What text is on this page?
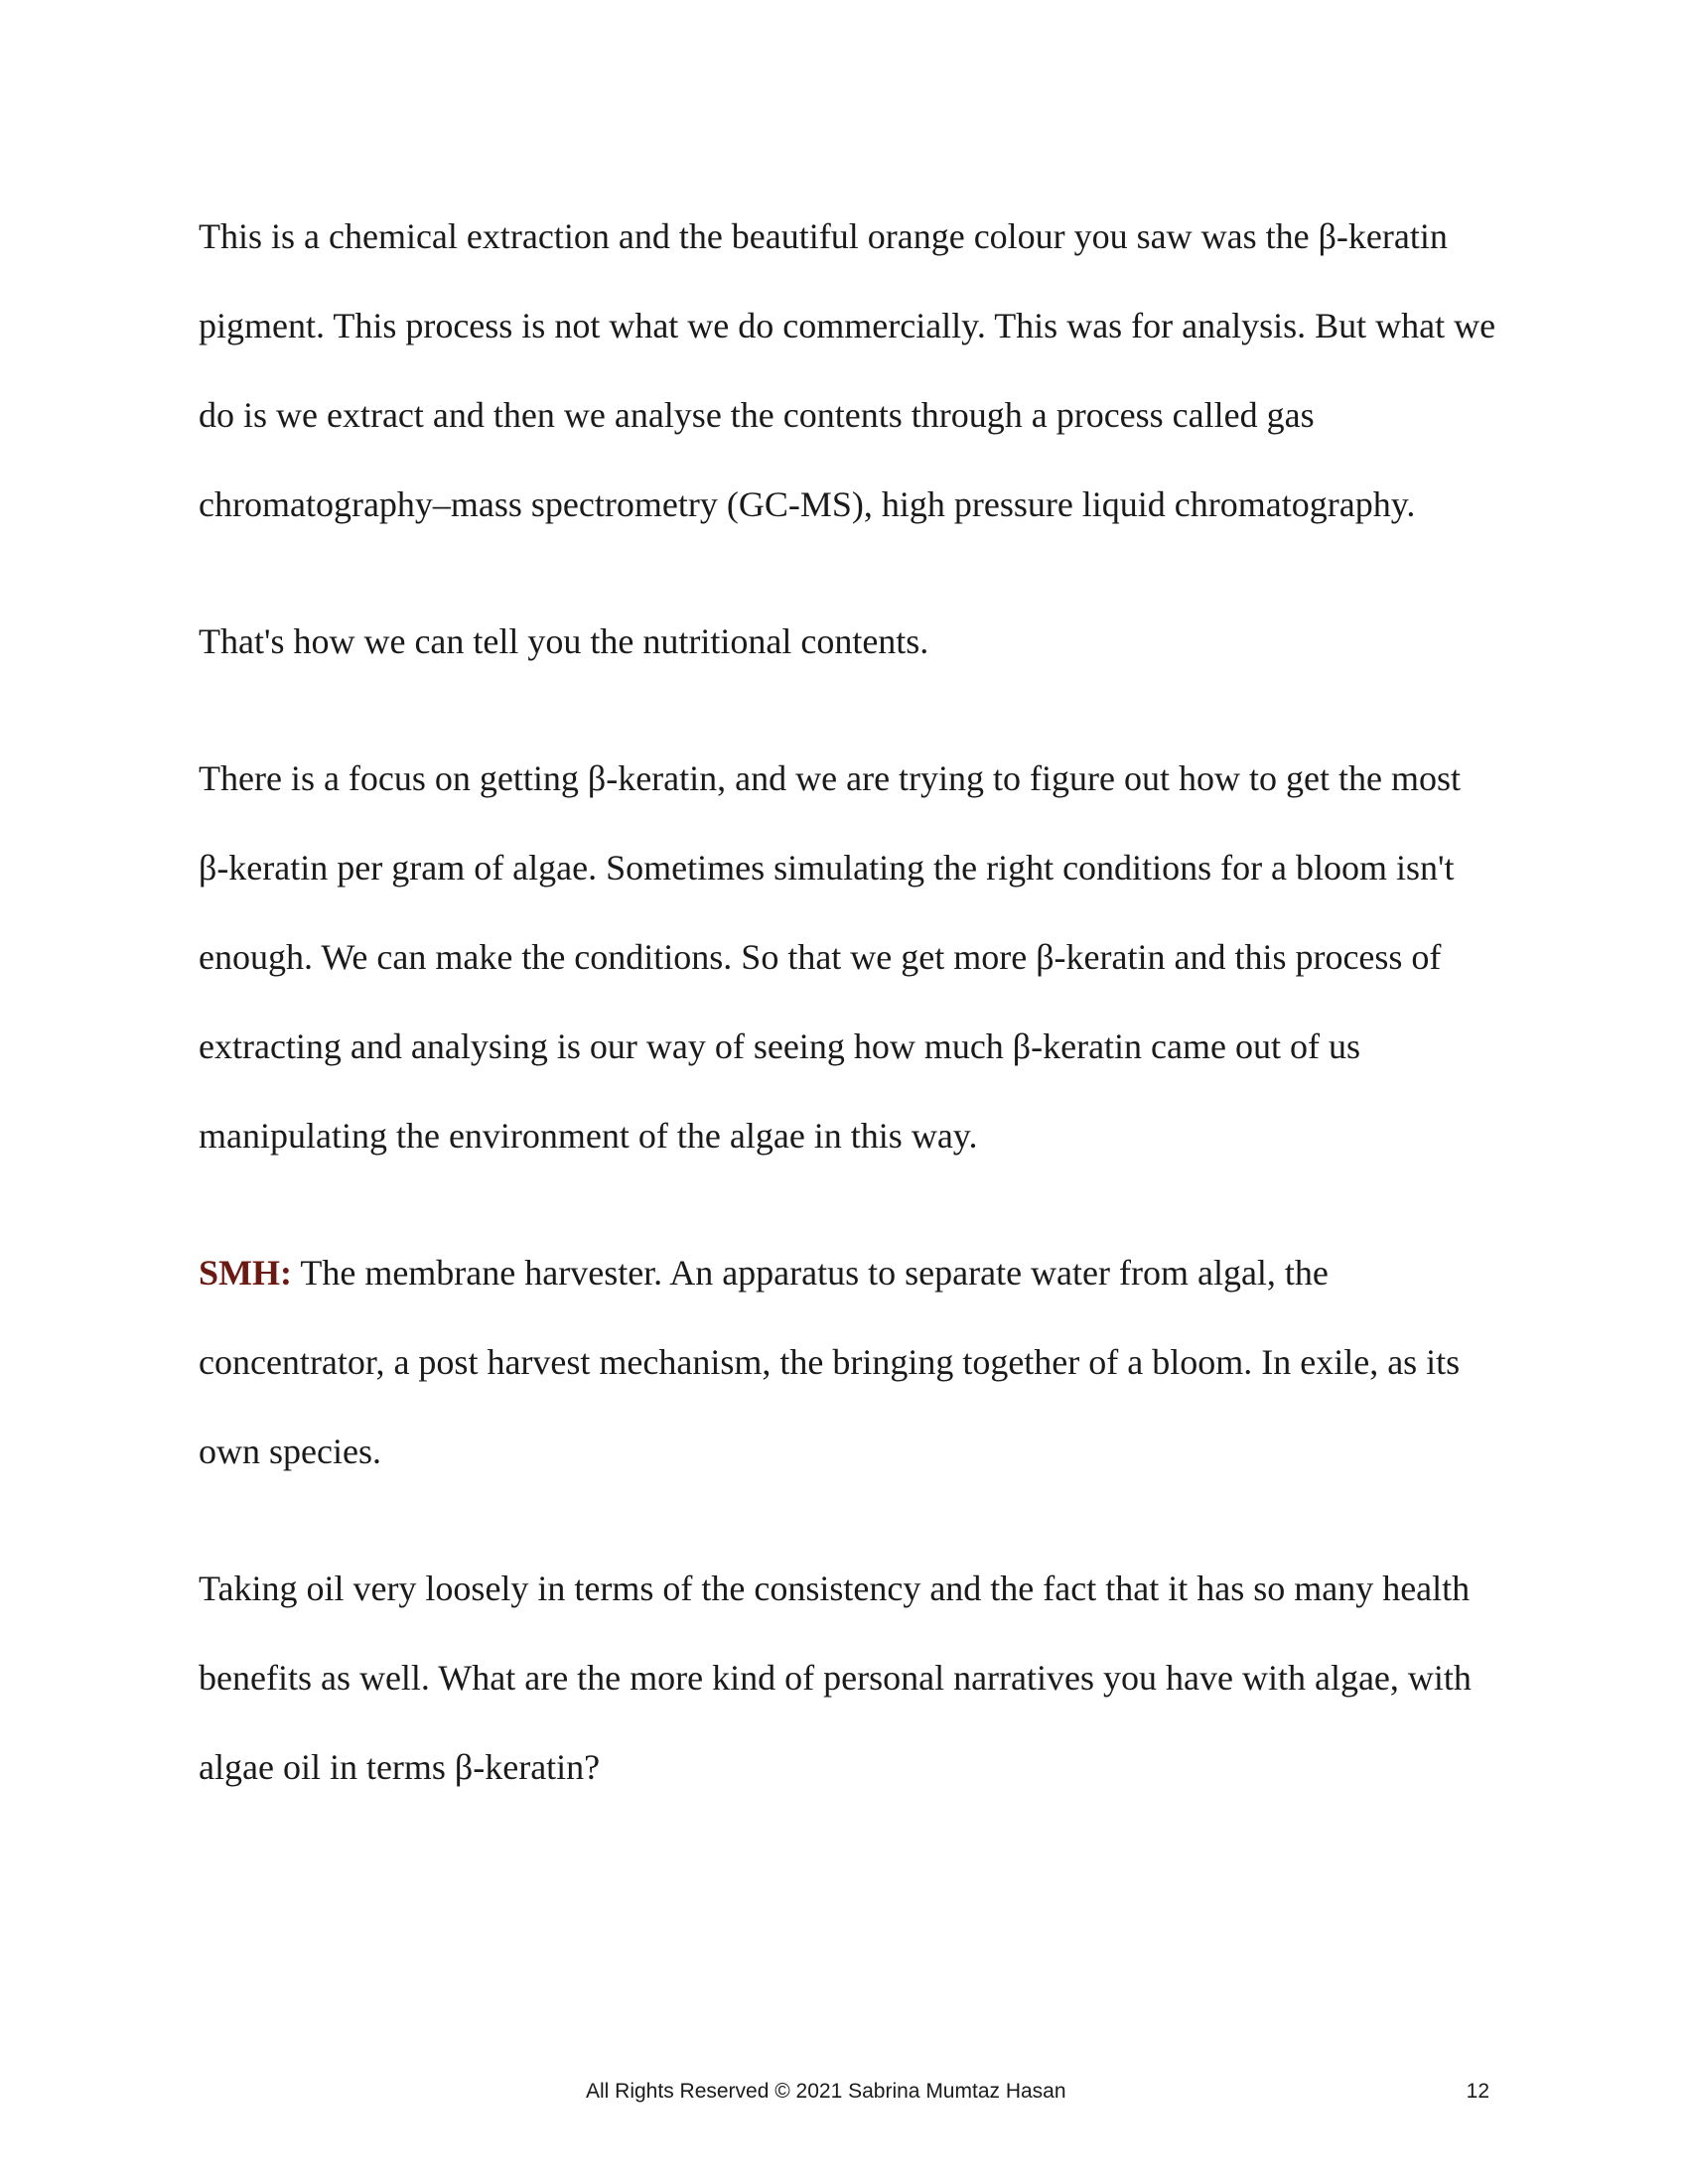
This is a chemical extraction and the beautiful orange colour you saw was the β-keratin pigment. This process is not what we do commercially. This was for analysis. But what we do is we extract and then we analyse the contents through a process called gas chromatography–mass spectrometry (GC-MS), high pressure liquid chromatography.

That's how we can tell you the nutritional contents.

There is a focus on getting β-keratin, and we are trying to figure out how to get the most β-keratin per gram of algae. Sometimes simulating the right conditions for a bloom isn't enough. We can make the conditions. So that we get more β-keratin and this process of extracting and analysing is our way of seeing how much β-keratin came out of us manipulating the environment of the algae in this way.

SMH: The membrane harvester. An apparatus to separate water from algal, the concentrator, a post harvest mechanism, the bringing together of a bloom. In exile, as its own species.

Taking oil very loosely in terms of the consistency and the fact that it has so many health benefits as well. What are the more kind of personal narratives you have with algae, with algae oil in terms β-keratin?

All Rights Reserved © 2021 Sabrina Mumtaz Hasan	12
